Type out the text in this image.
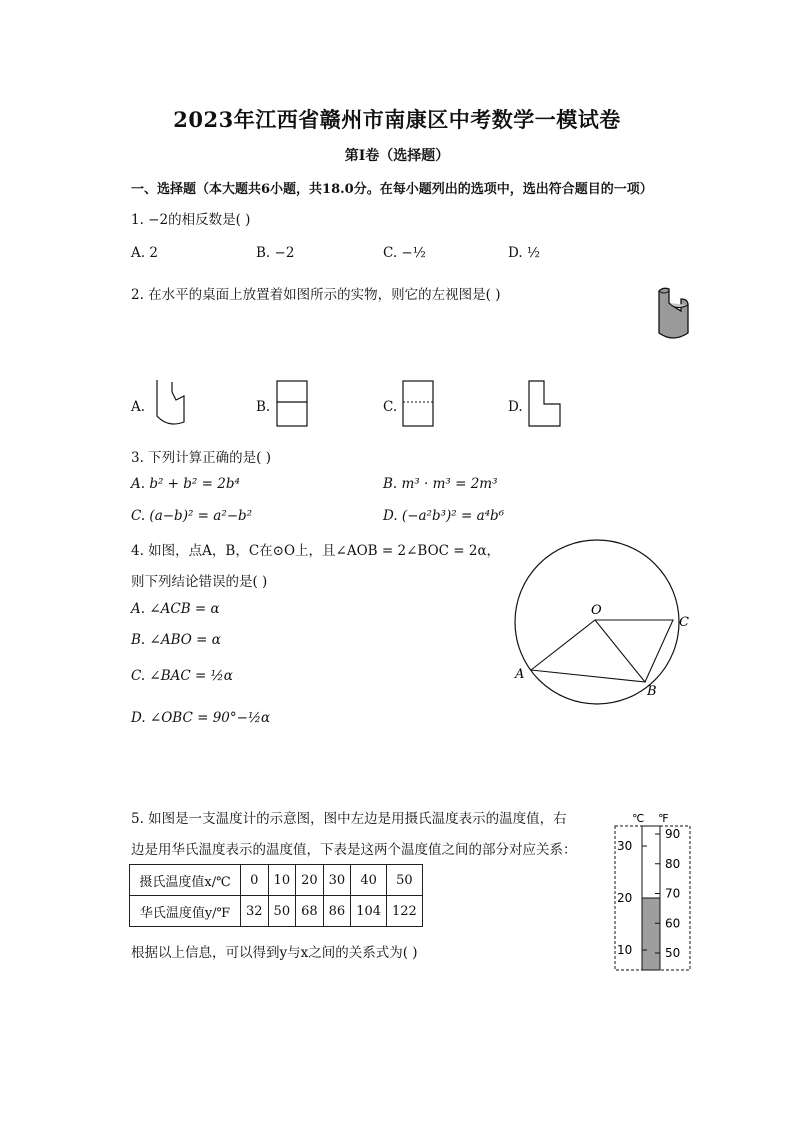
2023年江西省赣州市南康区中考数学一模试卷
第Ⅰ卷（选择题）
一、选择题（本大题共6小题，共18.0分。在每小题列出的选项中，选出符合题目的一项）
1. −2的相反数是( )
A. 2	B. −2	C. −½	D. ½
2. 在水平的桌面上放置着如图所示的实物，则它的左视图是( )
A.	B.	C.	D.
3. 下列计算正确的是( )
A. b² + b² = 2b⁴	B. m³ · m³ = 2m³
C. (a−b)² = a²−b²	D. (−a²b³)² = a⁴b⁶
4. 如图，点A，B，C在⊙O上，且∠AOB = 2∠BOC = 2α，
则下列结论错误的是( )
A. ∠ACB = α
B. ∠ABO = α
C. ∠BAC = ½α
D. ∠OBC = 90°−½α
O
A
B
C
5. 如图是一支温度计的示意图，图中左边是用摄氏温度表示的温度值，右
边是用华氏温度表示的温度值，下表是这两个温度值之间的部分对应关系：
摄氏温度值x/℃	0	10	20	30	40	50
华氏温度值y/℉	32	50	68	86	104	122
根据以上信息，可以得到y与x之间的关系式为( )
℃ ℉
30
20
10
90
80
70
60
50
